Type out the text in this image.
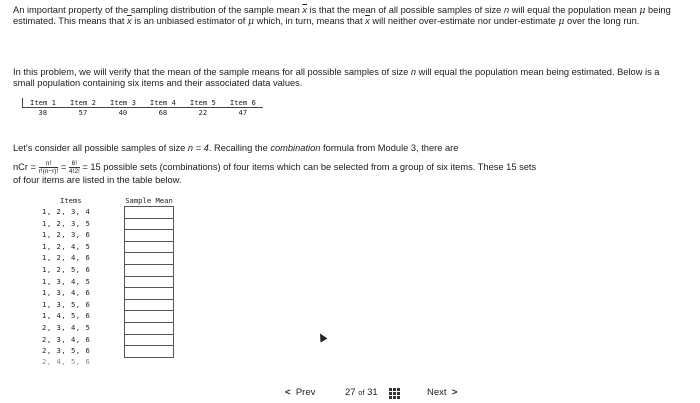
An important property of the sampling distribution of the sample mean $\overline{x}$ is that the mean of all possible samples of size n will equal the population mean μ being estimated. This means that $\overline{x}$ is an unbiased estimator of μ which, in turn, means that $\overline{x}$ will neither over-estimate nor under-estimate μ over the long run.
In this problem, we will verify that the mean of the sample means for all possible samples of size n will equal the population mean being estimated. Below is a small population containing six items and their associated data values.
Item 1	Item 2	Item 3	Item 4	Item 5	Item 6
38	57	40	68	22	47
Let's consider all possible samples of size n = 4. Recalling the combination formula from Module 3, there are
nCr = $\frac{n!}{r!(n-r)!} = \frac{6!}{4!2!} = 15$ possible sets (combinations) of four items which can be selected from a group of six items. These 15 sets
of four items are listed in the table below.
Items	Sample Mean
1, 2, 3, 4	
1, 2, 3, 5	
1, 2, 3, 6	
1, 2, 4, 5	
1, 2, 4, 6	
1, 2, 5, 6	
1, 3, 4, 5	
1, 3, 4, 6	
1, 3, 5, 6	
1, 4, 5, 6	
2, 3, 4, 5	
2, 3, 4, 6	
2, 3, 5, 6	
2, 4, 5, 6	
< Prev	27 of 31	Next >
